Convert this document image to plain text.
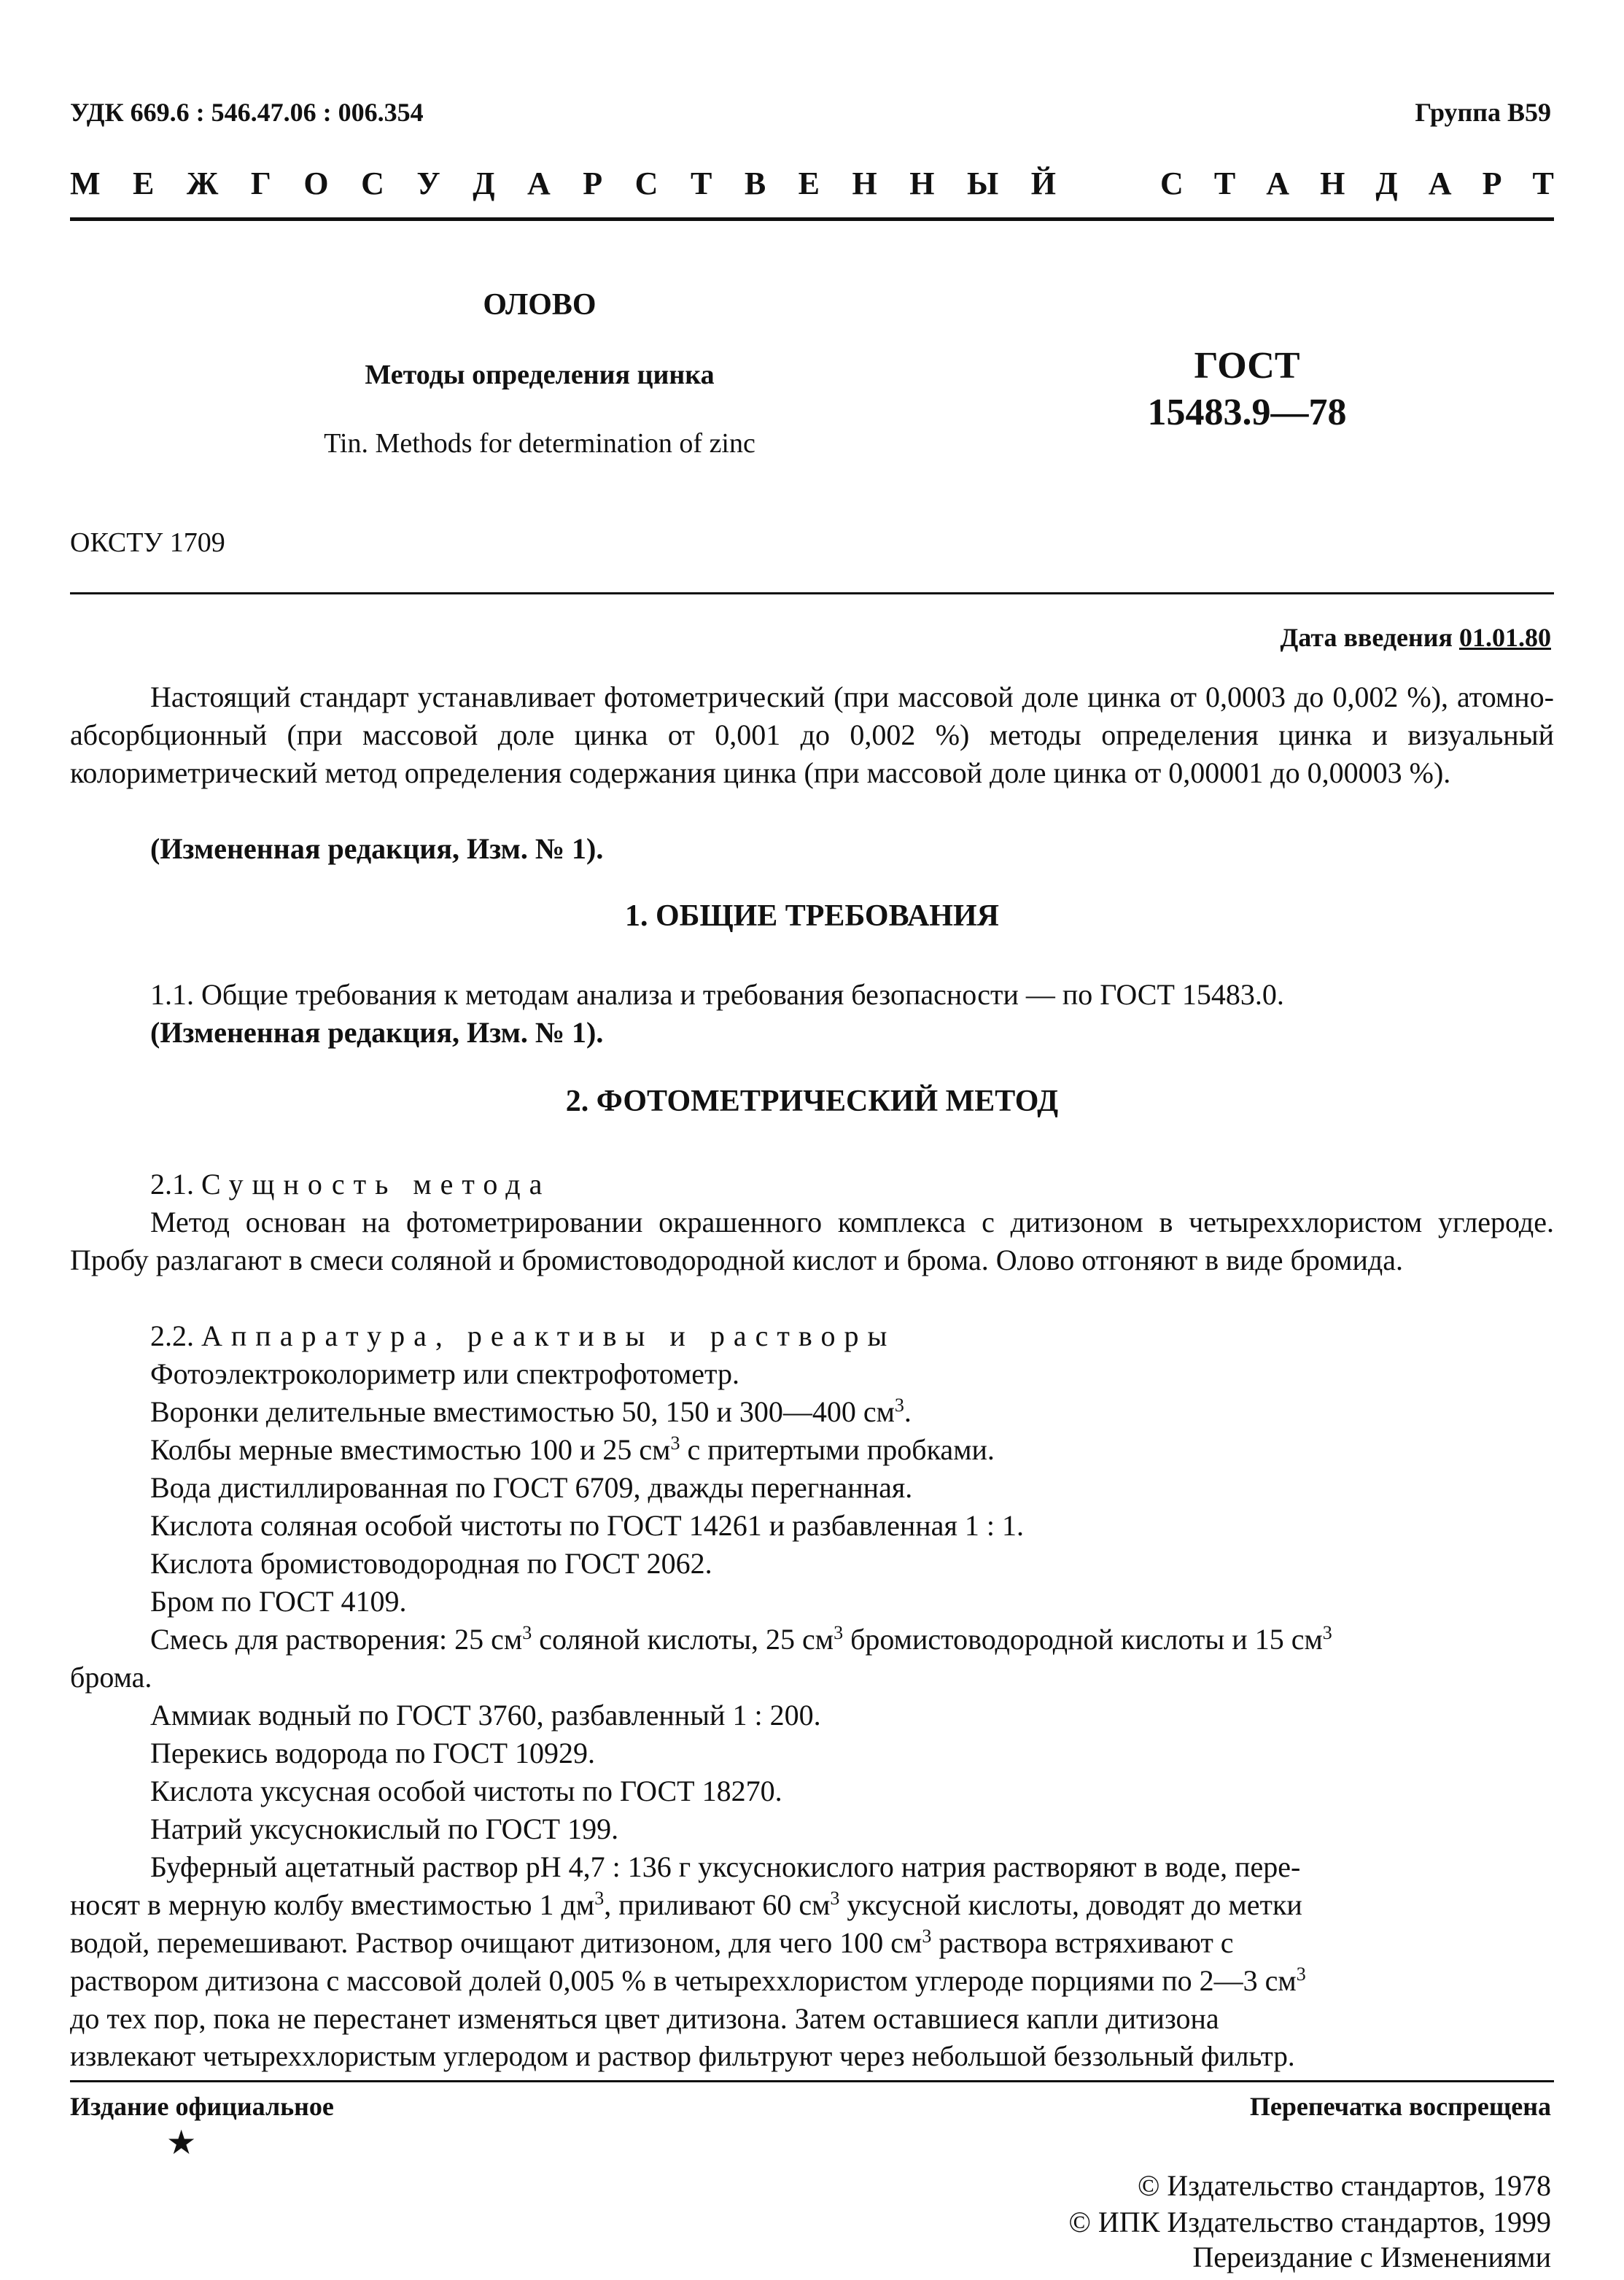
УДК 669.6 : 546.47.06 : 006.354	Группа В59
М Е Ж Г О С У Д А Р С Т В Е Н Н Ы Й	С Т А Н Д А Р Т
ОЛОВО
Методы определения цинка
Tin. Methods for determination of zinc
ГОСТ
15483.9—78
ОКСТУ 1709
Дата введения 01.01.80
Настоящий стандарт устанавливает фотометрический (при массовой доле цинка от 0,0003 до 0,002 %), атомно-абсорбционный (при массовой доле цинка от 0,001 до 0,002 %) методы определения цинка и визуальный колориметрический метод определения содержания цинка (при массовой доле цинка от 0,00001 до 0,00003 %).
(Измененная редакция, Изм. № 1).
1. ОБЩИЕ ТРЕБОВАНИЯ
1.1. Общие требования к методам анализа и требования безопасности — по ГОСТ 15483.0.
(Измененная редакция, Изм. № 1).
2. ФОТОМЕТРИЧЕСКИЙ МЕТОД
2.1. Сущность метода
Метод основан на фотометрировании окрашенного комплекса с дитизоном в четыреххлористом углероде. Пробу разлагают в смеси соляной и бромистоводородной кислот и брома. Олово отгоняют в виде бромида.
2.2. Аппаратура, реактивы и растворы
Фотоэлектроколориметр или спектрофотометр.
Воронки делительные вместимостью 50, 150 и 300—400 $см^3$.
Колбы мерные вместимостью 100 и 25 $см^3$ с притертыми пробками.
Вода дистиллированная по ГОСТ 6709, дважды перегнанная.
Кислота соляная особой чистоты по ГОСТ 14261 и разбавленная 1 : 1.
Кислота бромистоводородная по ГОСТ 2062.
Бром по ГОСТ 4109.
Смесь для растворения: 25 $см^3$ соляной кислоты, 25 $см^3$ бромистоводородной кислоты и 15 $см^3$
брома.
Аммиак водный по ГОСТ 3760, разбавленный 1 : 200.
Перекись водорода по ГОСТ 10929.
Кислота уксусная особой чистоты по ГОСТ 18270.
Натрий уксуснокислый по ГОСТ 199.
Буферный ацетатный раствор pH 4,7 : 136 г уксуснокислого натрия растворяют в воде, пере-
носят в мерную колбу вместимостью 1 $дм^3$, приливают 60 $см^3$ уксусной кислоты, доводят до метки
водой, перемешивают. Раствор очищают дитизоном, для чего 100 $см^3$ раствора встряхивают с
раствором дитизона с массовой долей 0,005 % в четыреххлористом углероде порциями по 2—3 $см^3$
до тех пор, пока не перестанет изменяться цвет дитизона. Затем оставшиеся капли дитизона
извлекают четыреххлористым углеродом и раствор фильтруют через небольшой беззольный фильтр.
Издание официальное	Перепечатка воспрещена
★
© Издательство стандартов, 1978
© ИПК Издательство стандартов, 1999
Переиздание с Изменениями
